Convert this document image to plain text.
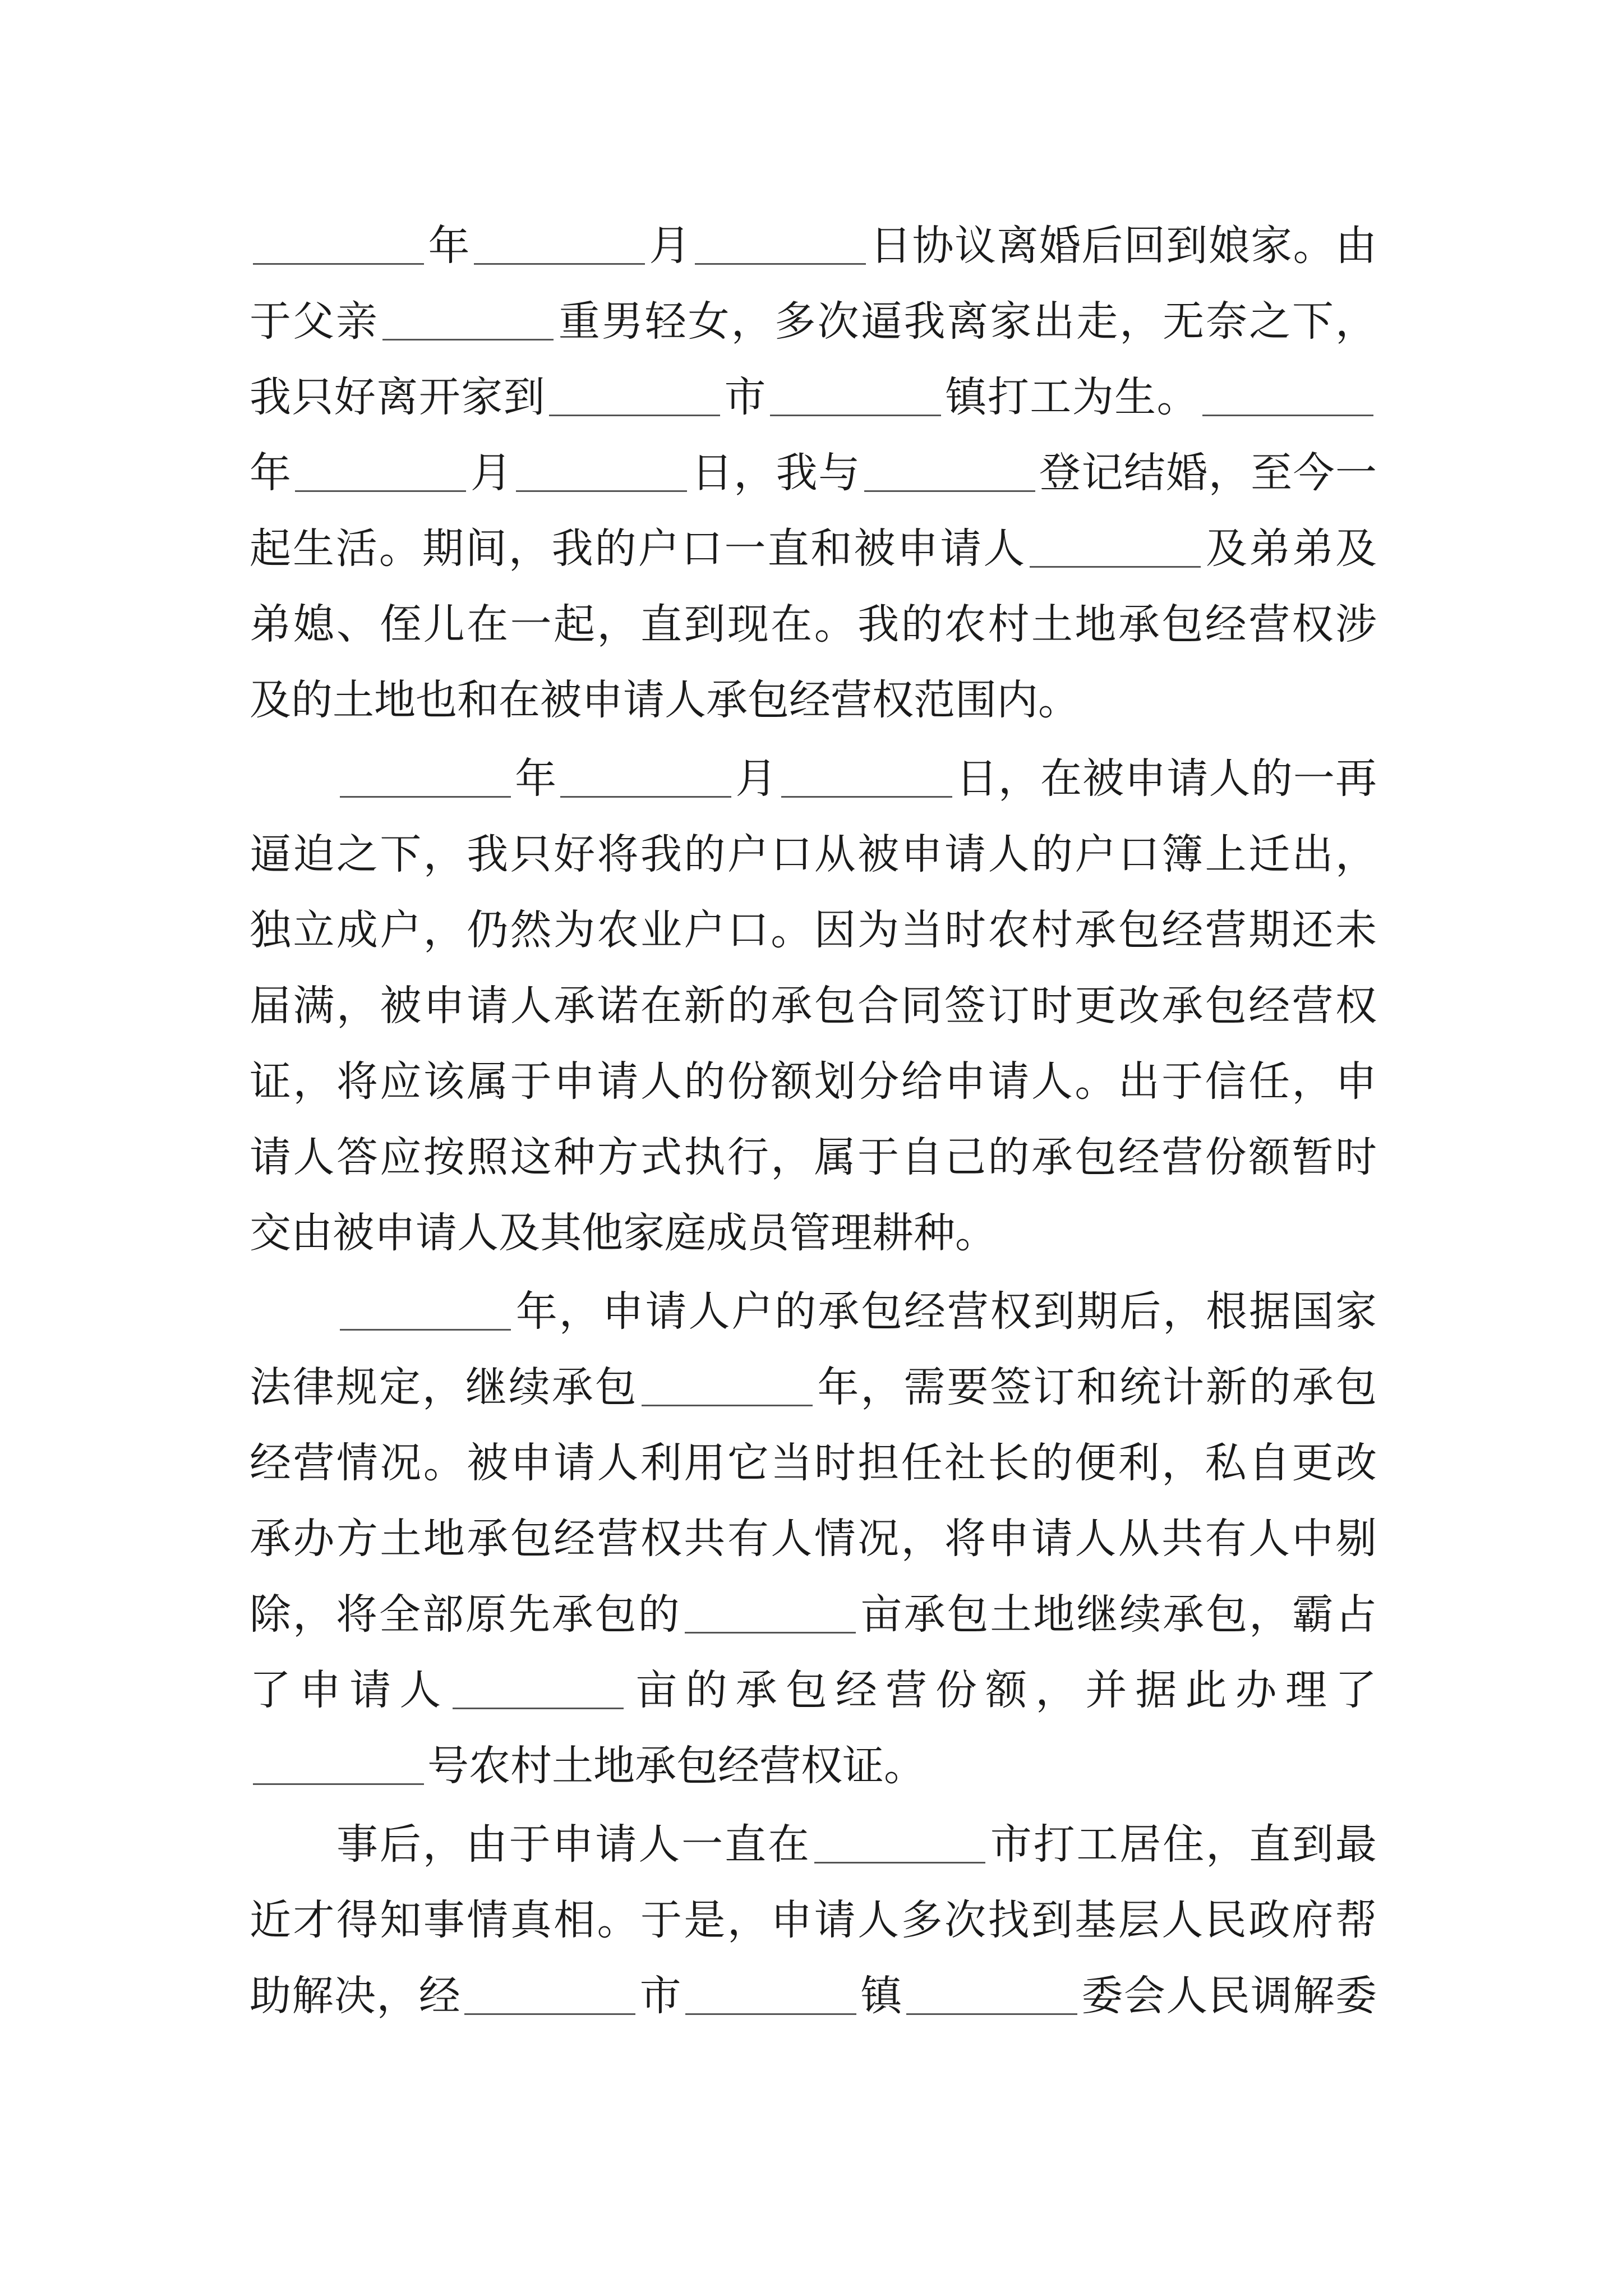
年	月	日 协 议 离 婚 后 回 到 娘 家 。 由
于 父 亲	重 男 轻 女 ， 多 次 逼 我 离 家 出 走 ， 无 奈 之 下 ，
我 只 好 离 开 家 到	市	镇 打 工 为 生 。
年	月	日 ， 我 与	登 记 结 婚 ， 至 今 一
起 生 活 。 期 间 ， 我 的 户 口 一 直 和 被 申 请 人	及 弟 弟 及
弟 媳 、 侄 儿 在 一 起 ， 直 到 现 在 。 我 的 农 村 土 地 承 包 经 营 权 涉
及 的 土 地 也 和 在 被 申 请 人 承 包 经 营 权 范 围 内 。
年	月	日 ， 在 被 申 请 人 的 一 再
逼 迫 之 下 ， 我 只 好 将 我 的 户 口 从 被 申 请 人 的 户 口 簿 上 迁 出 ，
独 立 成 户 ， 仍 然 为 农 业 户 口 。 因 为 当 时 农 村 承 包 经 营 期 还 未
届 满 ， 被 申 请 人 承 诺 在 新 的 承 包 合 同 签 订 时 更 改 承 包 经 营 权
证 ， 将 应 该 属 于 申 请 人 的 份 额 划 分 给 申 请 人 。 出 于 信 任 ， 申
请 人 答 应 按 照 这 种 方 式 执 行 ， 属 于 自 己 的 承 包 经 营 份 额 暂 时
交 由 被 申 请 人 及 其 他 家 庭 成 员 管 理 耕 种 。
年 ， 申 请 人 户 的 承 包 经 营 权 到 期 后 ， 根 据 国 家
法 律 规 定 ， 继 续 承 包	年 ， 需 要 签 订 和 统 计 新 的 承 包
经 营 情 况 。 被 申 请 人 利 用 它 当 时 担 任 社 长 的 便 利 ， 私 自 更 改
承 办 方 土 地 承 包 经 营 权 共 有 人 情 况 ， 将 申 请 人 从 共 有 人 中 剔
除 ， 将 全 部 原 先 承 包 的	亩 承 包 土 地 继 续 承 包 ， 霸 占
了 申 请 人	亩 的 承 包 经 营 份 额 ， 并 据 此 办 理 了
号 农 村 土 地 承 包 经 营 权 证 。
事 后 ， 由 于 申 请 人 一 直 在	市 打 工 居 住 ， 直 到 最
近 才 得 知 事 情 真 相 。 于 是 ， 申 请 人 多 次 找 到 基 层 人 民 政 府 帮
助 解 决 ， 经	市	镇	委 会 人 民 调 解 委
